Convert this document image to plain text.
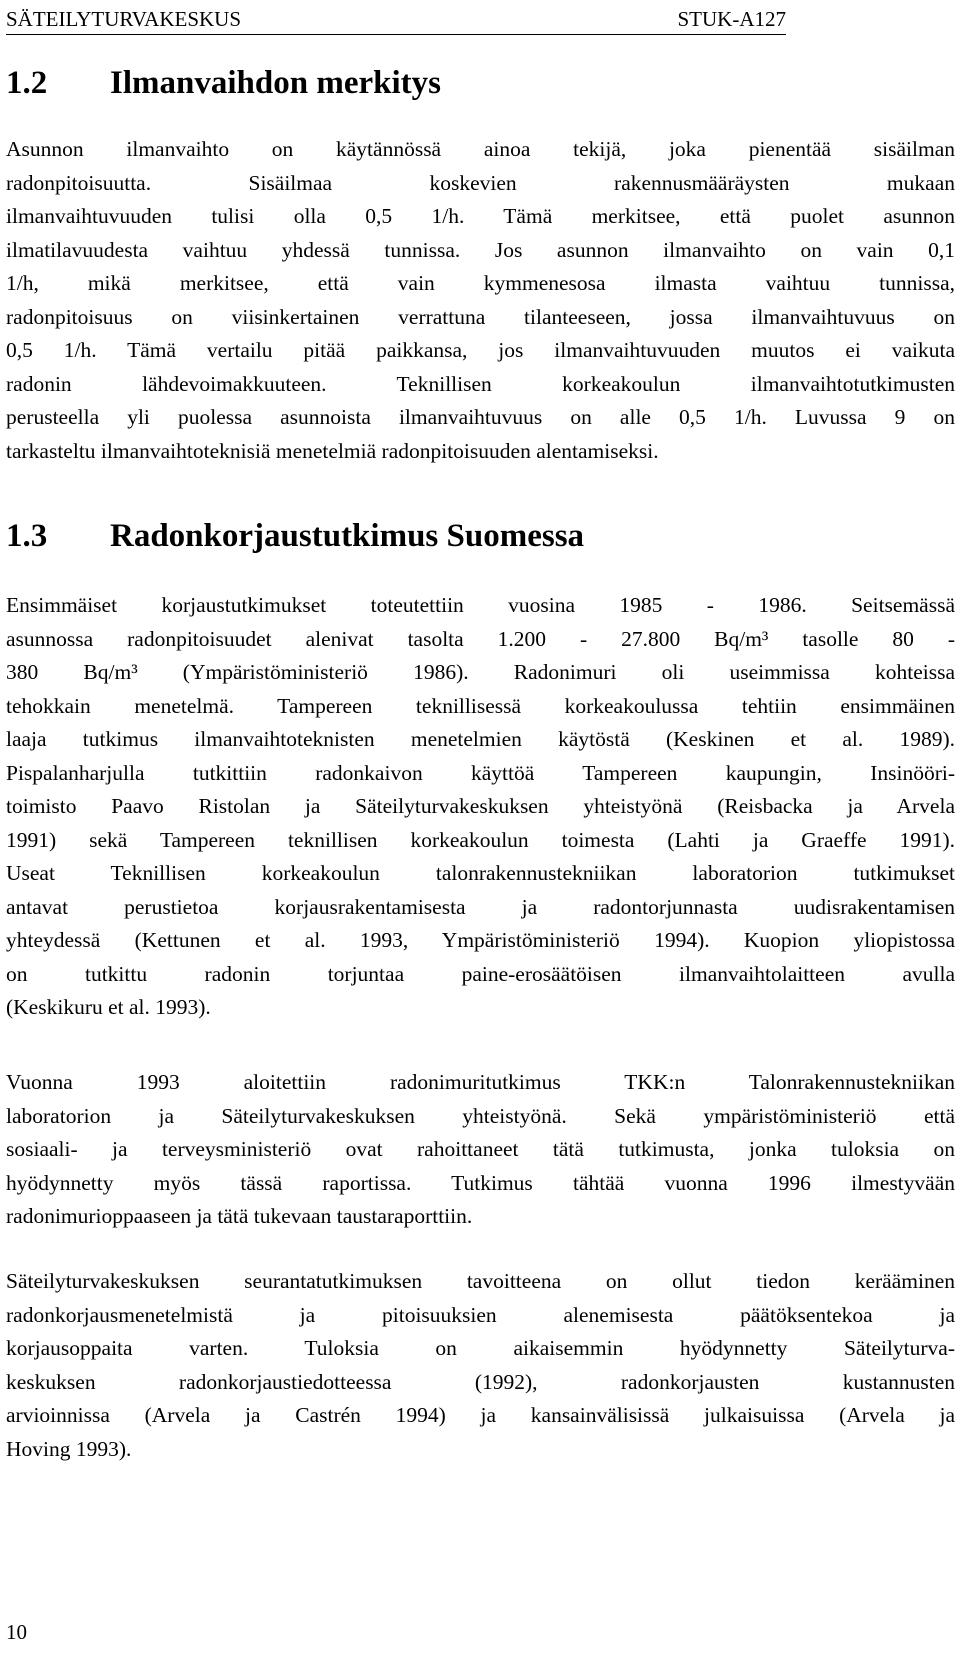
SÄTEILYTURVAKESKUS	STUK-A127
1.2 Ilmanvaihdon merkitys
Asunnon ilmanvaihto on käytännössä ainoa tekijä, joka pienentää sisäilman
radonpitoisuutta. Sisäilmaa koskevien rakennusmääräysten mukaan
ilmanvaihtuvuuden tulisi olla 0,5 1/h. Tämä merkitsee, että puolet asunnon
ilmatilavuudesta vaihtuu yhdessä tunnissa. Jos asunnon ilmanvaihto on vain 0,1
1/h, mikä merkitsee, että vain kymmenesosa ilmasta vaihtuu tunnissa,
radonpitoisuus on viisinkertainen verrattuna tilanteeseen, jossa ilmanvaihtuvuus on
0,5 1/h. Tämä vertailu pitää paikkansa, jos ilmanvaihtuvuuden muutos ei vaikuta
radonin lähdevoimakkuuteen. Teknillisen korkeakoulun ilmanvaihtotutkimusten
perusteella yli puolessa asunnoista ilmanvaihtuvuus on alle 0,5 1/h. Luvussa 9 on
tarkasteltu ilmanvaihtoteknisiä menetelmiä radonpitoisuuden alentamiseksi.
1.3 Radonkorjaustutkimus Suomessa
Ensimmäiset korjaustutkimukset toteutettiin vuosina 1985 - 1986. Seitsemässä
asunnossa radonpitoisuudet alenivat tasolta 1.200 - 27.800 Bq/m³ tasolle 80 -
380 Bq/m³ (Ympäristöministeriö 1986). Radonimuri oli useimmissa kohteissa
tehokkain menetelmä. Tampereen teknillisessä korkeakoulussa tehtiin ensimmäinen
laaja tutkimus ilmanvaihtoteknisten menetelmien käytöstä (Keskinen et al. 1989).
Pispalanharjulla tutkittiin radonkaivon käyttöä Tampereen kaupungin, Insinööri-
toimisto Paavo Ristolan ja Säteilyturvakeskuksen yhteistyönä (Reisbacka ja Arvela
1991) sekä Tampereen teknillisen korkeakoulun toimesta (Lahti ja Graeffe 1991).
Useat Teknillisen korkeakoulun talonrakennustekniikan laboratorion tutkimukset
antavat perustietoa korjausrakentamisesta ja radontorjunnasta uudisrakentamisen
yhteydessä (Kettunen et al. 1993, Ympäristöministeriö 1994). Kuopion yliopistossa
on tutkittu radonin torjuntaa paine-erosäätöisen ilmanvaihtolaitteen avulla
(Keskikuru et al. 1993).
Vuonna 1993 aloitettiin radonimuritutkimus TKK:n Talonrakennustekniikan
laboratorion ja Säteilyturvakeskuksen yhteistyönä. Sekä ympäristöministeriö että
sosiaali- ja terveysministeriö ovat rahoittaneet tätä tutkimusta, jonka tuloksia on
hyödynnetty myös tässä raportissa. Tutkimus tähtää vuonna 1996 ilmestyvään
radonimurioppaaseen ja tätä tukevaan taustaraporttiin.
Säteilyturvakeskuksen seurantatutkimuksen tavoitteena on ollut tiedon kerääminen
radonkorjausmenetelmistä ja pitoisuuksien alenemisesta päätöksentekoa ja
korjausoppaita varten. Tuloksia on aikaisemmin hyödynnetty Säteilyturva-
keskuksen radonkorjaustiedotteessa (1992), radonkorjausten kustannusten
arvioinnissa (Arvela ja Castrén 1994) ja kansainvälisissä julkaisuissa (Arvela ja
Hoving 1993).
10
